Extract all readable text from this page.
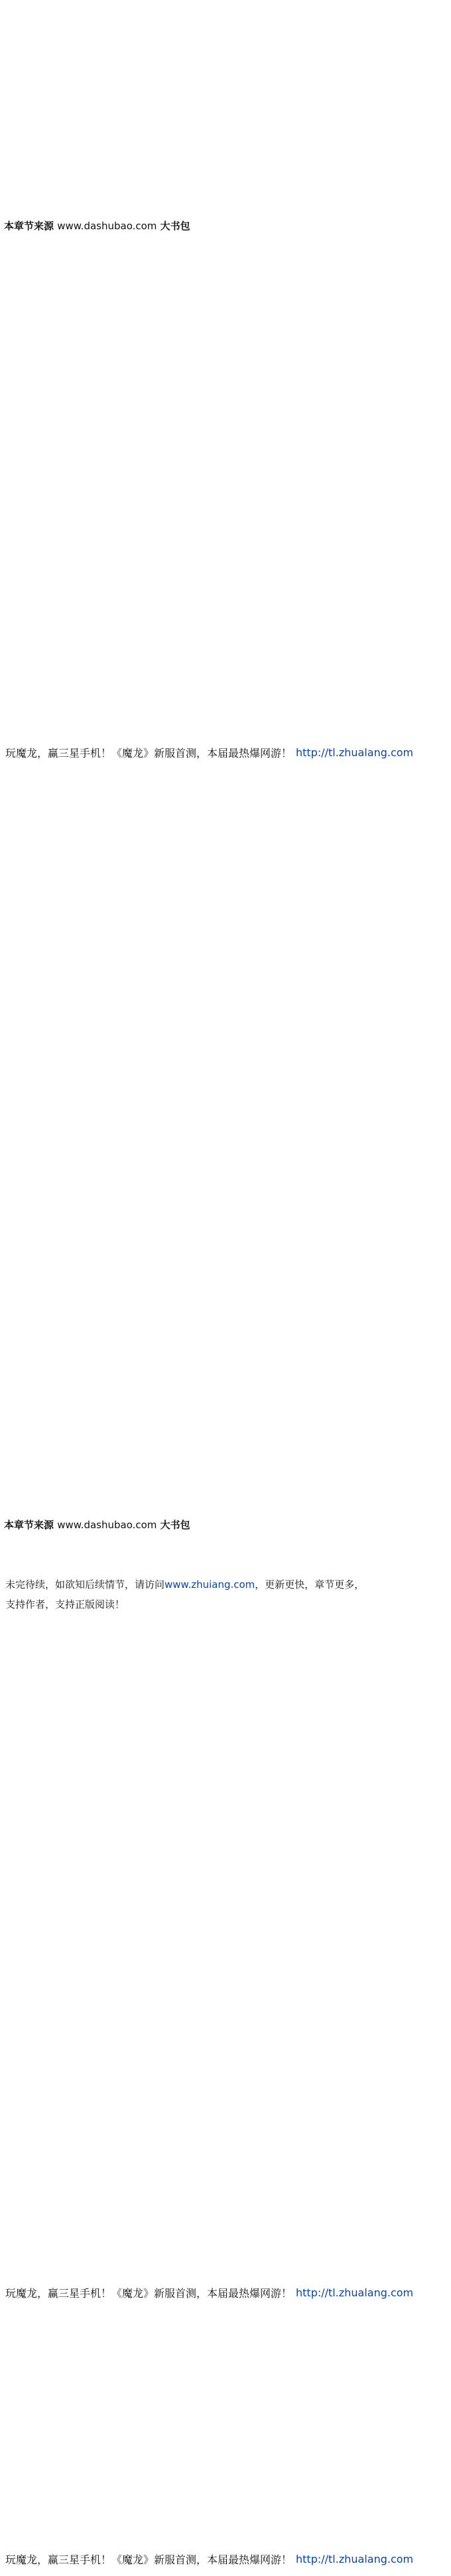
本章节来源 www.dashubao.com 大书包
玩魔龙，赢三星手机！《魔龙》新服首测，本届最热爆网游！ http://tl.zhualang.com
本章节来源 www.dashubao.com 大书包
未完待续，如欲知后续情节，请访问www.zhuiang.com，更新更快，章节更多，
支持作者，支持正版阅读！
玩魔龙，赢三星手机！《魔龙》新服首测，本届最热爆网游！ http://tl.zhualang.com
玩魔龙，赢三星手机！《魔龙》新服首测，本届最热爆网游！ http://tl.zhualang.com
